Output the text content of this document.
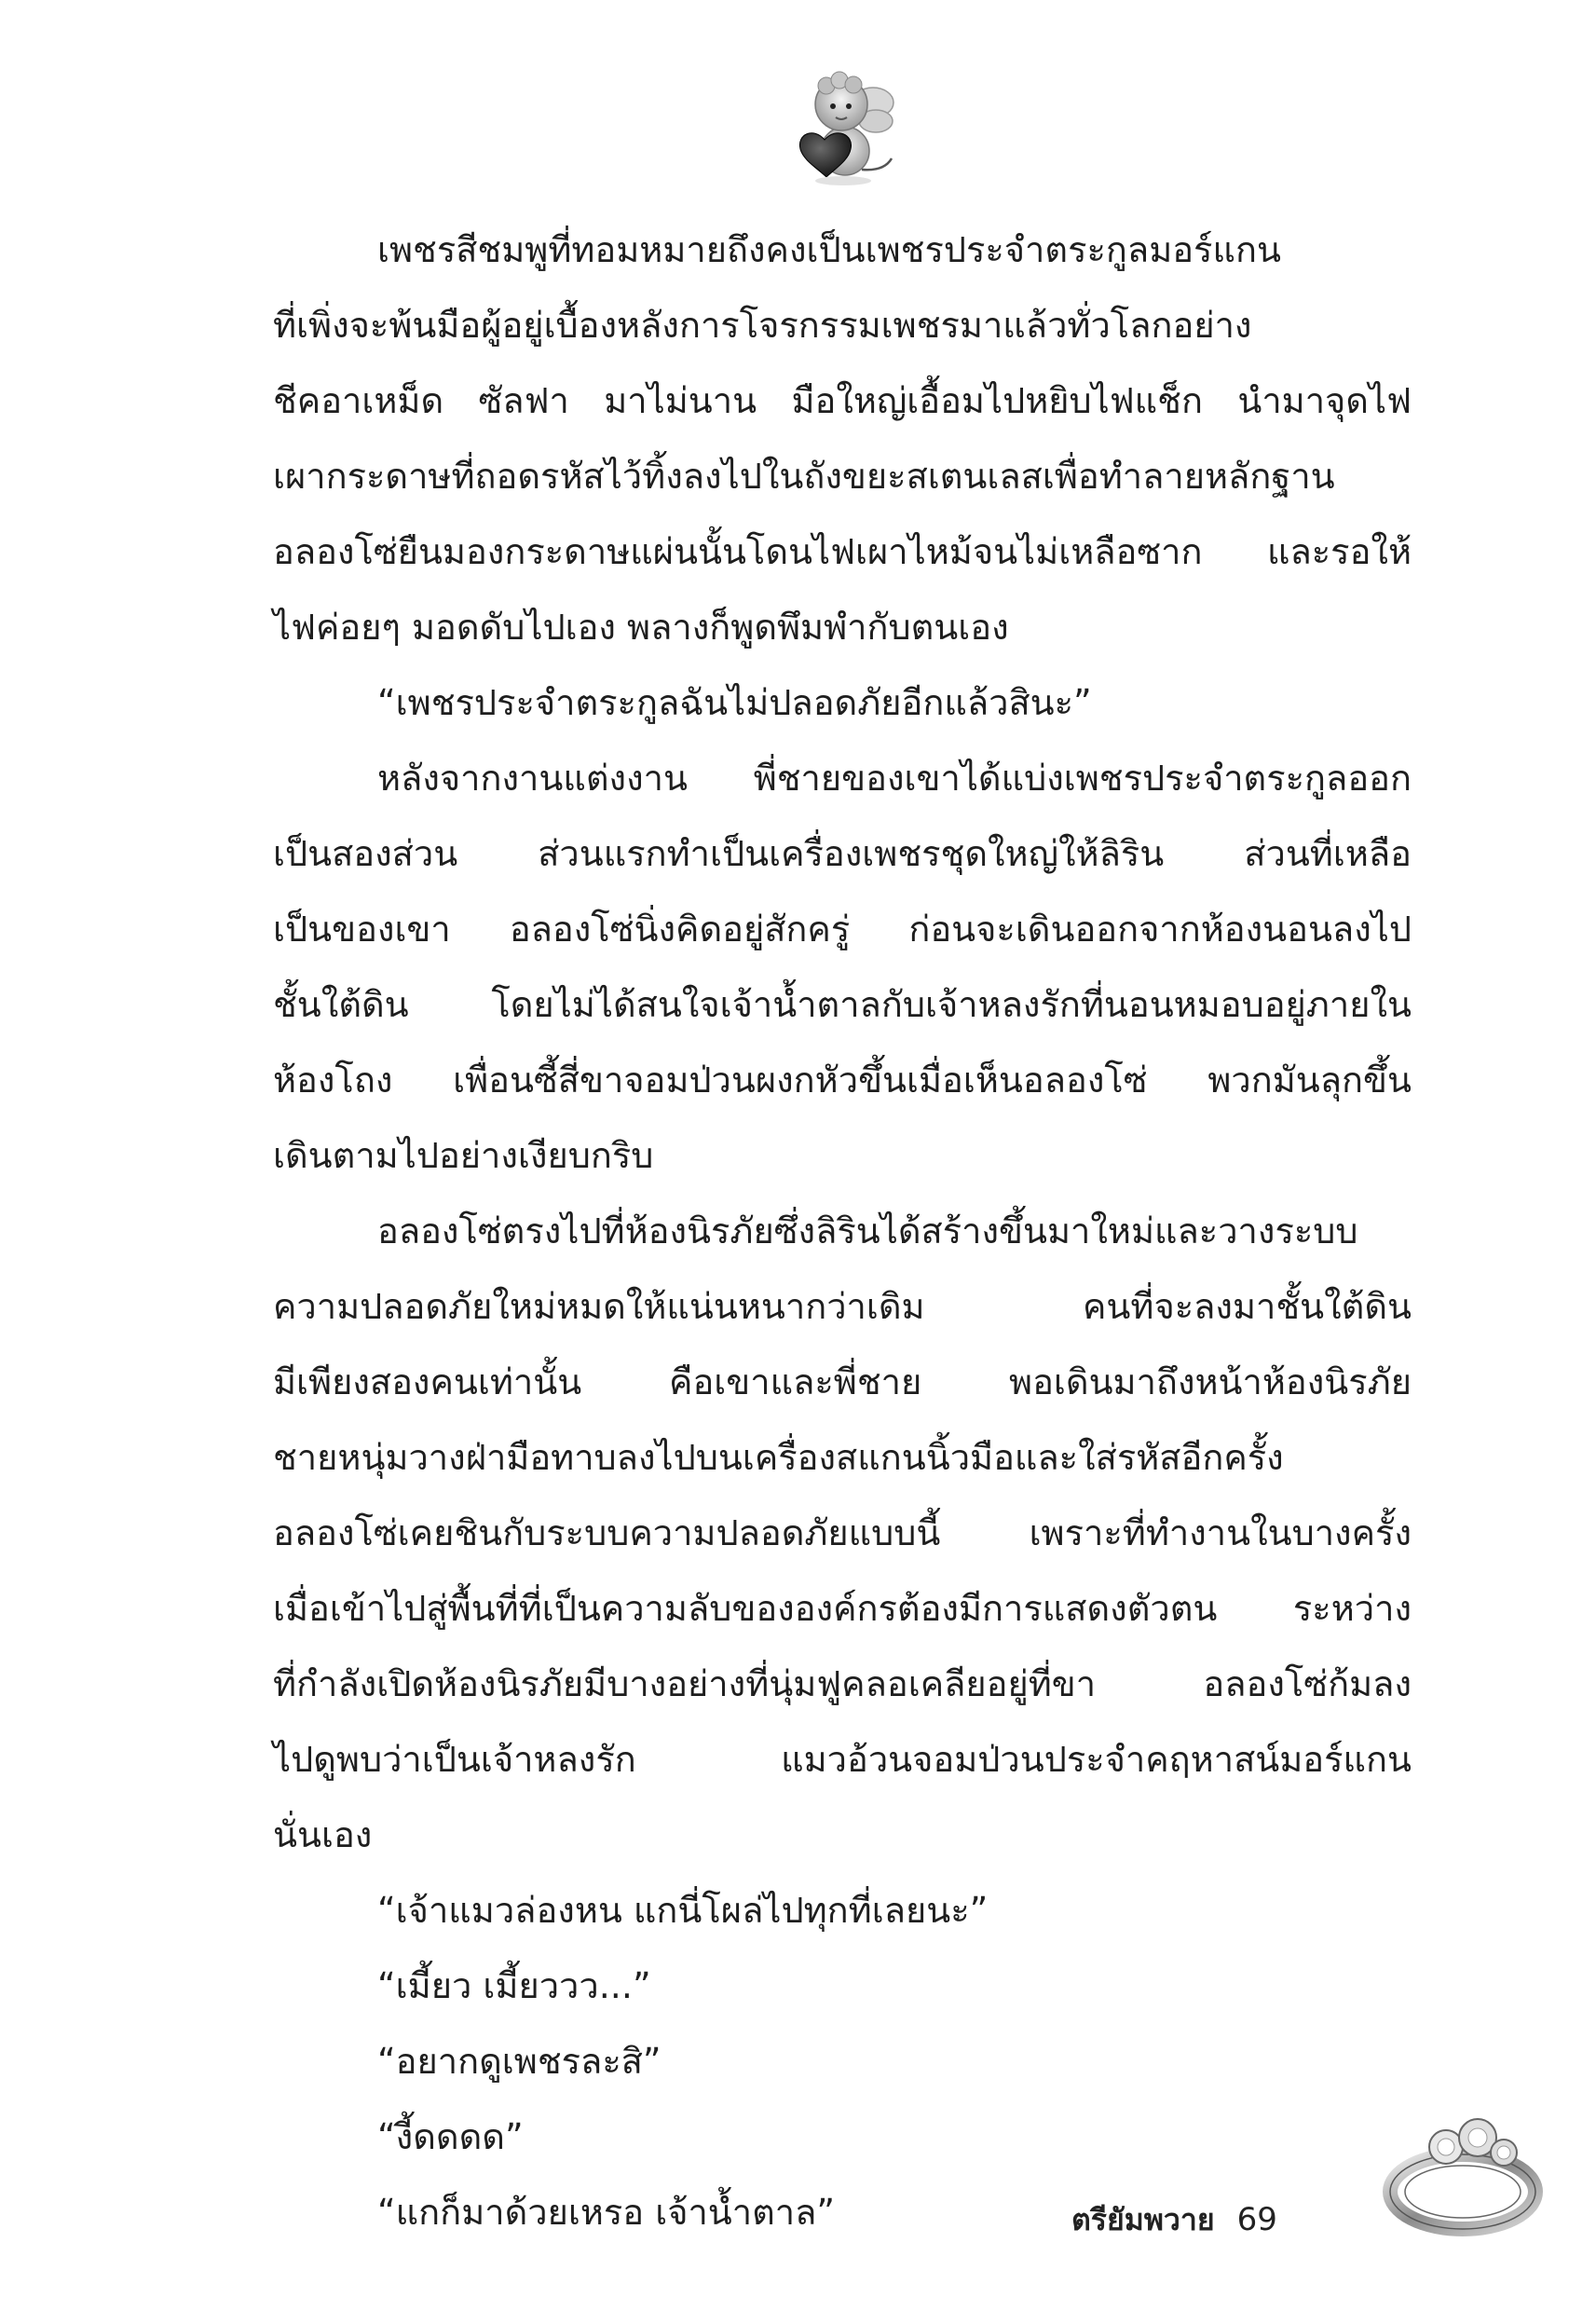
เพชรสีชมพูที่ทอมหมายถึงคงเป็นเพชรประจำตระกูลมอร์แกน
ที่เพิ่งจะพ้นมือผู้อยู่เบื้องหลังการโจรกรรมเพชรมาแล้วทั่วโลกอย่าง
ชีคอาเหม็ด ซัลฟา มาไม่นาน มือใหญ่เอื้อมไปหยิบไฟแช็ก นำมาจุดไฟ
เผากระดาษที่ถอดรหัสไว้ทิ้งลงไปในถังขยะสเตนเลสเพื่อทำลายหลักฐาน
อลองโซ่ยืนมองกระดาษแผ่นนั้นโดนไฟเผาไหม้จนไม่เหลือซาก และรอให้
ไฟค่อยๆ มอดดับไปเอง พลางก็พูดพึมพำกับตนเอง
“เพชรประจำตระกูลฉันไม่ปลอดภัยอีกแล้วสินะ”
หลังจากงานแต่งงาน พี่ชายของเขาได้แบ่งเพชรประจำตระกูลออก
เป็นสองส่วน ส่วนแรกทำเป็นเครื่องเพชรชุดใหญ่ให้ลิริน ส่วนที่เหลือ
เป็นของเขา อลองโซ่นิ่งคิดอยู่สักครู่ ก่อนจะเดินออกจากห้องนอนลงไป
ชั้นใต้ดิน โดยไม่ได้สนใจเจ้าน้ำตาลกับเจ้าหลงรักที่นอนหมอบอยู่ภายใน
ห้องโถง เพื่อนซี้สี่ขาจอมป่วนผงกหัวขึ้นเมื่อเห็นอลองโซ่ พวกมันลุกขึ้น
เดินตามไปอย่างเงียบกริบ
อลองโซ่ตรงไปที่ห้องนิรภัยซึ่งลิรินได้สร้างขึ้นมาใหม่และวางระบบ
ความปลอดภัยใหม่หมดให้แน่นหนากว่าเดิม คนที่จะลงมาชั้นใต้ดิน
มีเพียงสองคนเท่านั้น คือเขาและพี่ชาย พอเดินมาถึงหน้าห้องนิรภัย
ชายหนุ่มวางฝ่ามือทาบลงไปบนเครื่องสแกนนิ้วมือและใส่รหัสอีกครั้ง
อลองโซ่เคยชินกับระบบความปลอดภัยแบบนี้ เพราะที่ทำงานในบางครั้ง
เมื่อเข้าไปสู่พื้นที่ที่เป็นความลับขององค์กรต้องมีการแสดงตัวตน ระหว่าง
ที่กำลังเปิดห้องนิรภัยมีบางอย่างที่นุ่มฟูคลอเคลียอยู่ที่ขา อลองโซ่ก้มลง
ไปดูพบว่าเป็นเจ้าหลงรัก แมวอ้วนจอมป่วนประจำคฤหาสน์มอร์แกน
นั่นเอง
“เจ้าแมวล่องหน แกนี่โผล่ไปทุกที่เลยนะ”
“เมี้ยว เมี้ยววว...”
“อยากดูเพชรละสิ”
“งี้ดดดด”
“แกก็มาด้วยเหรอ เจ้าน้ำตาล”	ตรียัมพวาย 69
